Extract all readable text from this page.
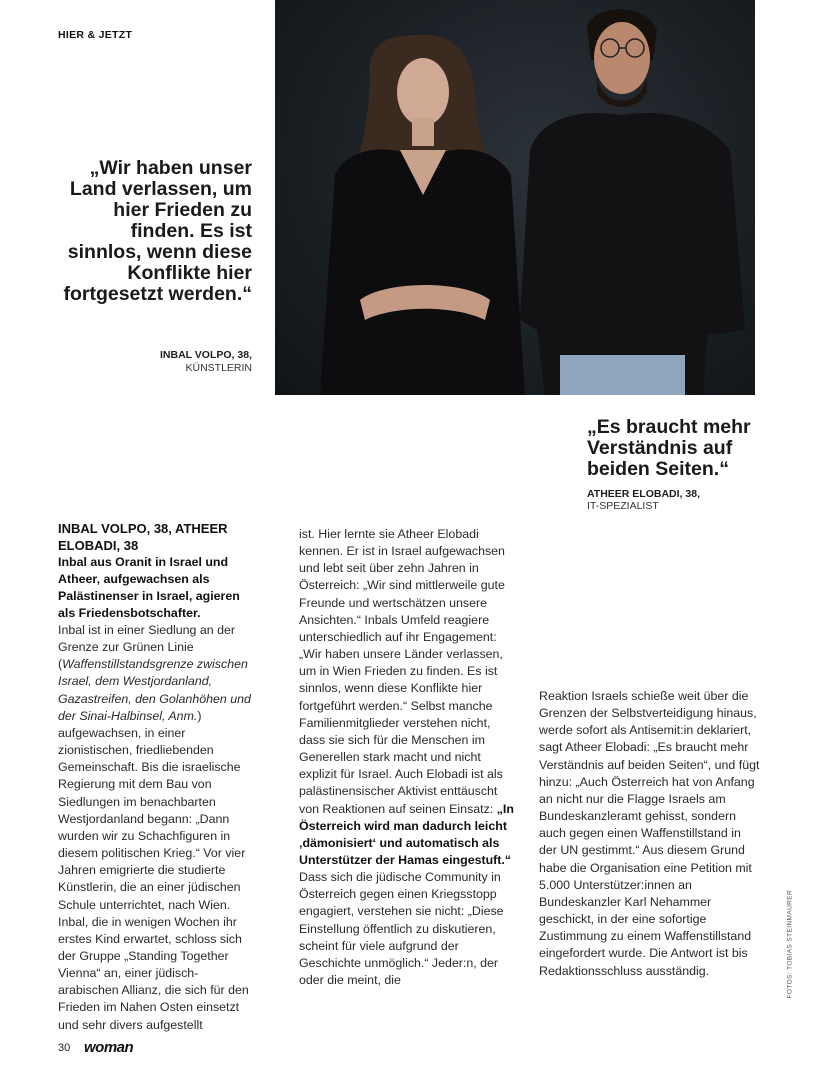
HIER & JETZT
„Wir haben unser Land verlassen, um hier Frieden zu finden. Es ist sinnlos, wenn diese Konflikte hier fortgesetzt werden.“
INBAL VOLPO, 38,
KÜNSTLERIN
„Es braucht mehr Verständnis auf beiden Seiten.“
ATHEER ELOBADI, 38,
IT-SPEZIALIST

INBAL VOLPO, 38, ATHEER ELOBADI, 38

Inbal aus Oranit in Israel und Atheer, aufgewachsen als Palästinenser in Israel, agieren als Friedensbotschafter.

Inbal ist in einer Siedlung an der Grenze zur Grünen Linie (Waffenstillstandsgrenze zwischen Israel, dem Westjordanland, Gazastreifen, den Golanhöhen und der Sinai-Halbinsel, Anm.) aufgewachsen, in einer zionistischen, friedliebenden Gemeinschaft. Bis die israelische Regierung mit dem Bau von Siedlungen im benachbarten Westjordanland begann: „Dann wurden wir zu Schachfiguren in diesem politischen Krieg.“ Vor vier Jahren emigrierte die studierte Künstlerin, die an einer jüdischen Schule unterrichtet, nach Wien. Inbal, die in wenigen Wochen ihr erstes Kind erwartet, schloss sich der Gruppe „Standing Together Vienna“ an, einer jüdisch-arabischen Allianz, die sich für den Frieden im Nahen Osten einsetzt und sehr divers aufgestellt

ist. Hier lernte sie Atheer Elobadi kennen. Er ist in Israel aufgewachsen und lebt seit über zehn Jahren in Österreich: „Wir sind mittlerweile gute Freunde und wertschätzen unsere Ansichten.“ Inbals Umfeld reagiere unterschiedlich auf ihr Engagement: „Wir haben unsere Länder verlassen, um in Wien Frieden zu finden. Es ist sinnlos, wenn diese Konflikte hier fortgeführt werden.“ Selbst manche Familienmitglieder verstehen nicht, dass sie sich für die Menschen im Generellen stark macht und nicht explizit für Israel. Auch Elobadi ist als palästinensischer Aktivist enttäuscht von Reaktionen auf seinen Einsatz: „In Österreich wird man dadurch leicht ‚dämonisiert‘ und automatisch als Unterstützer der Hamas eingestuft.“ Dass sich die jüdische Community in Österreich gegen einen Kriegsstopp engagiert, verstehen sie nicht: „Diese Einstellung öffentlich zu diskutieren, scheint für viele aufgrund der Geschichte unmöglich.“ Jeder:n, der oder die meint, die

Reaktion Israels schieße weit über die Grenzen der Selbstverteidigung hinaus, werde sofort als Antisemit:in deklariert, sagt Atheer Elobadi: „Es braucht mehr Verständnis auf beiden Seiten“, und fügt hinzu: „Auch Österreich hat von Anfang an nicht nur die Flagge Israels am Bundeskanzleramt gehisst, sondern auch gegen einen Waffenstillstand in der UN gestimmt.“ Aus diesem Grund habe die Organisation eine Petition mit 5.000 Unterstützer:innen an Bundeskanzler Karl Nehammer geschickt, in der eine sofortige Zustimmung zu einem Waffenstillstand eingefordert wurde. Die Antwort ist bis Redaktionsschluss ausständig.	FOTOS: TOBIAS STEINMAURER
30 woman
